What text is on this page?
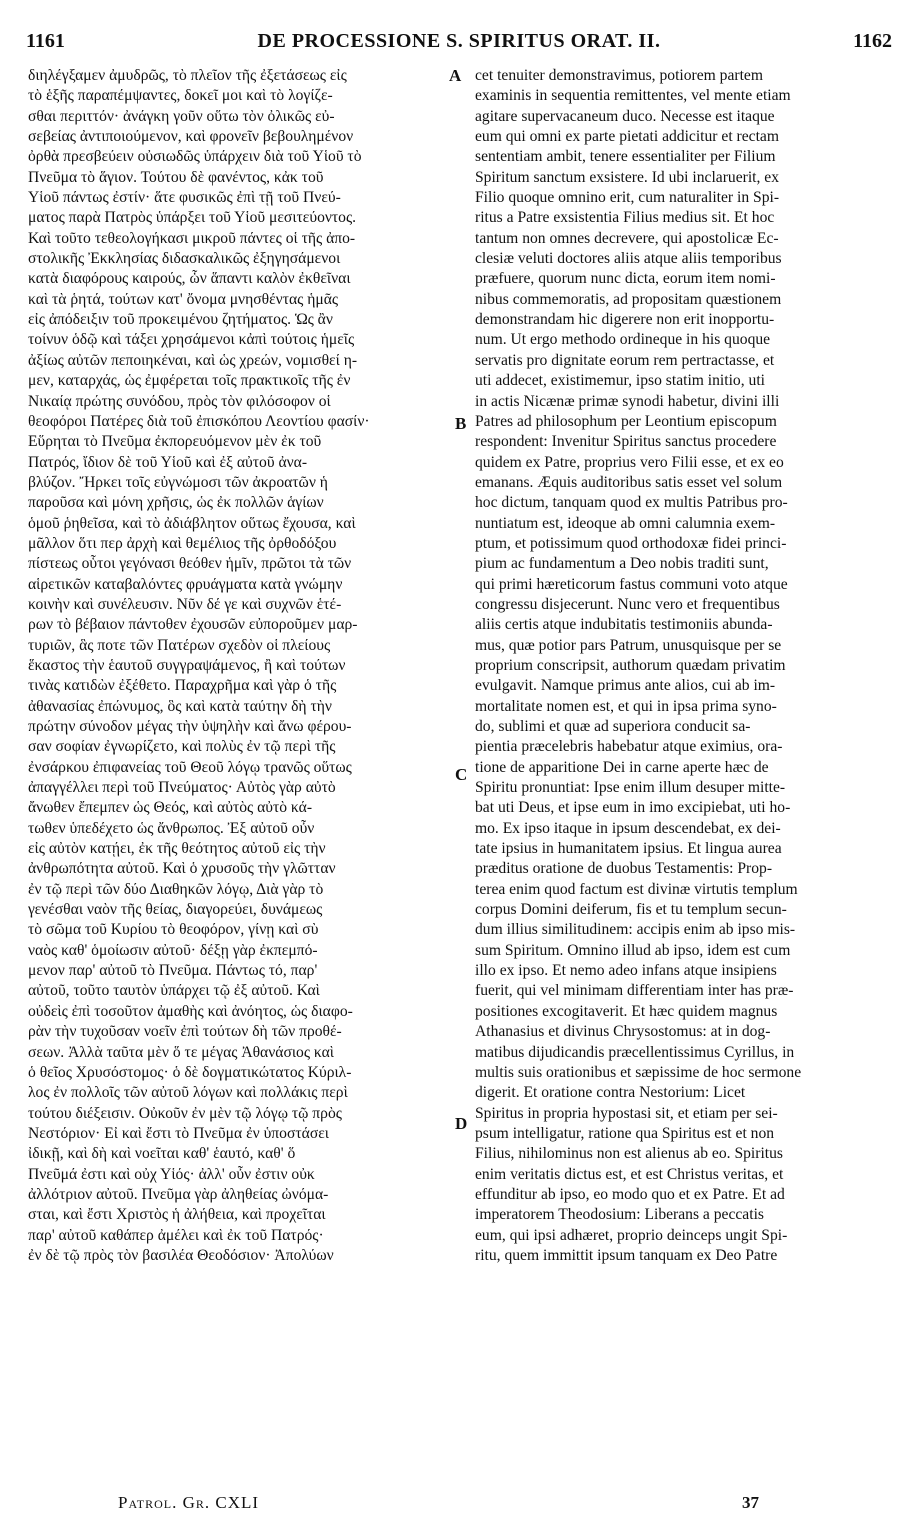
1161	DE PROCESSIONE S. SPIRITUS ORAT. II.	1162
διηλέγξαμεν ἀμυδρῶς, τὸ πλεῖον τῆς ἐξετάσεως εἰς
τὸ ἑξῆς παραπέμψαντες, δοκεῖ μοι καὶ τὸ λογίζε-
σθαι περιττόν· ἀνάγκη γοῦν οὕτω τὸν ὀλικῶς εὐ-
σεβείας ἀντιποιούμενον, καὶ φρονεῖν βεβουλημένον
ὀρθὰ πρεσβεύειν οὐσιωδῶς ὑπάρχειν διὰ τοῦ Υἱοῦ τὸ
Πνεῦμα τὸ ἅγιον. Τούτου δὲ φανέντος, κἀκ τοῦ
Υἱοῦ πάντως ἐστίν· ἅτε φυσικῶς ἐπὶ τῇ τοῦ Πνεύ-
ματος παρὰ Πατρὸς ὑπάρξει τοῦ Υἱοῦ μεσιτεύοντος.
Καὶ τοῦτο τεθεολογήκασι μικροῦ πάντες οἱ τῆς ἀπο-
στολικῆς Ἐκκλησίας διδασκαλικῶς ἐξηγησάμενοι
κατὰ διαφόρους καιρούς, ὧν ἅπαντι καλὸν ἐκθεῖναι
καὶ τὰ ῥητά, τούτων κατ' ὄνομα μνησθέντας ἡμᾶς
εἰς ἀπόδειξιν τοῦ προκειμένου ζητήματος. Ὡς ἂν
τοίνυν ὁδῷ καὶ τάξει χρησάμενοι κἀπὶ τούτοις ἡμεῖς
ἀξίως αὐτῶν πεποιηκέναι, καὶ ὡς χρεών, νομισθεί η-
μεν, καταρχάς, ὡς ἐμφέρεται τοῖς πρακτικοῖς τῆς ἐν
Νικαίᾳ πρώτης συνόδου, πρὸς τὸν φιλόσοφον οἱ
θεοφόροι Πατέρες διὰ τοῦ ἐπισκόπου Λεοντίου φασίν·
Εὕρηται τὸ Πνεῦμα ἐκπορευόμενον μὲν ἐκ τοῦ
Πατρός, ἴδιον δὲ τοῦ Υἱοῦ καὶ ἐξ αὐτοῦ ἀνα-
βλύζον. Ἤρκει τοῖς εὐγνώμοσι τῶν ἀκροατῶν ἡ
παροῦσα καὶ μόνη χρῆσις, ὡς ἐκ πολλῶν ἁγίων
ὁμοῦ ῥηθεῖσα, καὶ τὸ ἀδιάβλητον οὕτως ἔχουσα, καὶ
μᾶλλον ὅτι περ ἀρχὴ καὶ θεμέλιος τῆς ὀρθοδόξου
πίστεως οὗτοι γεγόνασι θεόθεν ἡμῖν, πρῶτοι τὰ τῶν
αἱρετικῶν καταβαλόντες φρυάγματα κατὰ γνώμην
κοινὴν καὶ συνέλευσιν. Νῦν δέ γε καὶ συχνῶν ἑτέ-
ρων τὸ βέβαιον πάντοθεν ἐχουσῶν εὐποροῦμεν μαρ-
τυριῶν, ἃς ποτε τῶν Πατέρων σχεδὸν οἱ πλείους
ἕκαστος τὴν ἑαυτοῦ συγγραψάμενος, ἢ καὶ τούτων
τινὰς κατιδὼν ἐξέθετο. Παραχρῆμα καὶ γὰρ ὁ τῆς
ἀθανασίας ἐπώνυμος, ὃς καὶ κατὰ ταύτην δὴ τὴν
πρώτην σύνοδον μέγας τὴν ὑψηλὴν καὶ ἄνω φέρου-
σαν σοφίαν ἐγνωρίζετο, καὶ πολὺς ἐν τῷ περὶ τῆς
ἐνσάρκου ἐπιφανείας τοῦ Θεοῦ λόγῳ τρανῶς οὕτως
ἀπαγγέλλει περὶ τοῦ Πνεύματος· Αὐτὸς γὰρ αὐτὸ
ἄνωθεν ἔπεμπεν ὡς Θεός, καὶ αὐτὸς αὐτὸ κά-
τωθεν ὑπεδέχετο ὡς ἄνθρωπος. Ἐξ αὐτοῦ οὖν
εἰς αὐτὸν κατῄει, ἐκ τῆς θεότητος αὐτοῦ εἰς τὴν
ἀνθρωπότητα αὐτοῦ. Καὶ ὁ χρυσοῦς τὴν γλῶτταν
ἐν τῷ περὶ τῶν δύο Διαθηκῶν λόγῳ, Διὰ γὰρ τὸ
γενέσθαι ναὸν τῆς θείας, διαγορεύει, δυνάμεως
τὸ σῶμα τοῦ Κυρίου τὸ θεοφόρον, γίνῃ καὶ σὺ
ναὸς καθ' ὁμοίωσιν αὐτοῦ· δέξῃ γὰρ ἐκπεμπό-
μενον παρ' αὐτοῦ τὸ Πνεῦμα. Πάντως τό, παρ'
αὐτοῦ, τοῦτο ταυτὸν ὑπάρχει τῷ ἐξ αὐτοῦ. Καὶ
οὐδεὶς ἐπὶ τοσοῦτον ἀμαθὴς καὶ ἀνόητος, ὡς διαφο-
ρὰν τὴν τυχοῦσαν νοεῖν ἐπὶ τούτων δὴ τῶν προθέ-
σεων. Ἀλλὰ ταῦτα μὲν ὅ τε μέγας Ἀθανάσιος καὶ
ὁ θεῖος Χρυσόστομος· ὁ δὲ δογματικώτατος Κύριλ-
λος ἐν πολλοῖς τῶν αὐτοῦ λόγων καὶ πολλάκις περὶ
τούτου διέξεισιν. Οὐκοῦν ἐν μὲν τῷ λόγῳ τῷ πρὸς
Νεστόριον· Εἰ καὶ ἔστι τὸ Πνεῦμα ἐν ὑποστάσει
ἰδικῇ, καὶ δὴ καὶ νοεῖται καθ' ἑαυτό, καθ' ὅ
Πνεῦμά ἐστι καὶ οὐχ Υἱός· ἀλλ' οὖν ἐστιν οὐκ
ἀλλότριον αὐτοῦ. Πνεῦμα γὰρ ἀληθείας ὠνόμα-
σται, καὶ ἔστι Χριστὸς ἡ ἀλήθεια, καὶ προχεῖται
παρ' αὐτοῦ καθάπερ ἀμέλει καὶ ἐκ τοῦ Πατρός·
ἐν δὲ τῷ πρὸς τὸν βασιλέα Θεοδόσιον· Ἀπολύων
cet tenuiter demonstravimus, potiorem partem
examinis in sequentia remittentes, vel mente etiam
agitare supervacaneum duco. Necesse est itaque
eum qui omni ex parte pietati addicitur et rectam
sententiam ambit, tenere essentialiter per Filium
Spiritum sanctum exsistere. Id ubi inclaruerit, ex
Filio quoque omnino erit, cum naturaliter in Spi-
ritus a Patre exsistentia Filius medius sit. Et hoc
tantum non omnes decrevere, qui apostolicæ Ec-
clesiæ veluti doctores aliis atque aliis temporibus
præfuere, quorum nunc dicta, eorum item nomi-
nibus commemoratis, ad propositam quæstionem
demonstrandam hic digerere non erit inopportu-
num. Ut ergo methodo ordineque in his quoque
servatis pro dignitate eorum rem pertractasse, et
uti addecet, existimemur, ipso statim initio, uti
in actis Nicænæ primæ synodi habetur, divini illi
Patres ad philosophum per Leontium episcopum
respondent: Invenitur Spiritus sanctus procedere
quidem ex Patre, proprius vero Filii esse, et ex eo
emanans. Æquis auditoribus satis esset vel solum
hoc dictum, tanquam quod ex multis Patribus pro-
nuntiatum est, ideoque ab omni calumnia exem-
ptum, et potissimum quod orthodoxæ fidei princi-
pium ac fundamentum a Deo nobis traditi sunt,
qui primi hæreticorum fastus communi voto atque
congressu disjecerunt. Nunc vero et frequentibus
aliis certis atque indubitatis testimoniis abunda-
mus, quæ potior pars Patrum, unusquisque per se
proprium conscripsit, authorum quædam privatim
evulgavit. Namque primus ante alios, cui ab im-
mortalitate nomen est, et qui in ipsa prima syno-
do, sublimi et quæ ad superiora conducit sa-
pientia præcelebris habebatur atque eximius, ora-
tione de apparitione Dei in carne aperte hæc de
Spiritu pronuntiat: Ipse enim illum desuper mitte-
bat uti Deus, et ipse eum in imo excipiebat, uti ho-
mo. Ex ipso itaque in ipsum descendebat, ex dei-
tate ipsius in humanitatem ipsius. Et lingua aurea
præditus oratione de duobus Testamentis: Prop-
terea enim quod factum est divinæ virtutis templum
corpus Domini deiferum, fis et tu templum secun-
dum illius similitudinem: accipis enim ab ipso mis-
sum Spiritum. Omnino illud ab ipso, idem est cum
illo ex ipso. Et nemo adeo infans atque insipiens
fuerit, qui vel minimam differentiam inter has præ-
positiones excogitaverit. Et hæc quidem magnus
Athanasius et divinus Chrysostomus: at in dog-
matibus dijudicandis præcellentissimus Cyrillus, in
multis suis orationibus et sæpissime de hoc sermone
digerit. Et oratione contra Nestorium: Licet
Spiritus in propria hypostasi sit, et etiam per sei-
psum intelligatur, ratione qua Spiritus est et non
Filius, nihilominus non est alienus ab eo. Spiritus
enim veritatis dictus est, et est Christus veritas, et
effunditur ab ipso, eo modo quo et ex Patre. Et ad
imperatorem Theodosium: Liberans a peccatis
eum, qui ipsi adhæret, proprio deinceps ungit Spi-
ritu, quem immittit ipsum tanquam ex Deo Patre
A
B
C
D
Patrol. Gr. CXLI	37
